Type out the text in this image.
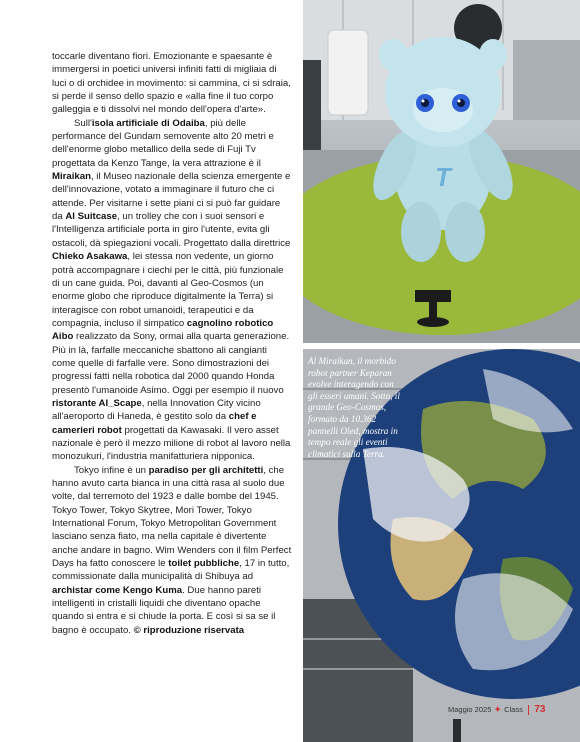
toccarle diventano fiori. Emozionante e spaesante è immergersi in poetici universi infiniti fatti di migliaia di luci o di orchidee in movimento: si cammina, ci si sdraia, si perde il senso dello spazio e «alla fine il tuo corpo galleggia e ti dissolvi nel mondo dell'opera d'arte».

Sull'isola artificiale di Odaiba, più delle performance del Gundam semovente alto 20 metri e dell'enorme globo metallico della sede di Fuji Tv progettata da Kenzo Tange, la vera attrazione è il Miraikan, il Museo nazionale della scienza emergente e dell'innovazione, votato a immaginare il futuro che ci attende. Per visitarne i sette piani ci si può far guidare da AI Suitcase, un trolley che con i suoi sensori e l'Intelligenza artificiale porta in giro l'utente, evita gli ostacoli, dà spiegazioni vocali. Progettato dalla direttrice Chieko Asakawa, lei stessa non vedente, un giorno potrà accompagnare i ciechi per le città, più funzionale di un cane guida. Poi, davanti al Geo-Cosmos (un enorme globo che riproduce digitalmente la Terra) si interagisce con robot umanoidi, terapeutici e da compagnia, incluso il simpatico cagnolino robotico Aibo realizzato da Sony, ormai alla quarta generazione. Più in là, farfalle meccaniche sbattono ali cangianti come quelle di farfalle vere. Sono dimostrazioni dei progressi fatti nella robotica dal 2000 quando Honda presentò l'umanoide Asimo. Oggi per esempio il nuovo ristorante AI_Scape, nella Innovation City vicino all'aeroporto di Haneda, è gestito solo da chef e camerieri robot progettati da Kawasaki. Il vero asset nazionale è però il mezzo milione di robot al lavoro nella monozukuri, l'industria manifatturiera nipponica.

Tokyo infine è un paradiso per gli architetti, che hanno avuto carta bianca in una città rasa al suolo due volte, dal terremoto del 1923 e dalle bombe del 1945. Tokyo Tower, Tokyo Skytree, Mori Tower, Tokyo International Forum, Tokyo Metropolitan Government lasciano senza fiato, ma nella capitale è divertente anche andare in bagno. Wim Wenders con il film Perfect Days ha fatto conoscere le toilet pubbliche, 17 in tutto, commissionate dalla municipalità di Shibuya ad archistar come Kengo Kuma. Due hanno pareti intelligenti in cristalli liquidi che diventano opache quando si entra e si chiude la porta. E così si sa se il bagno è occupato. © riproduzione riservata

T
Al Miraikan, il morbido robot partner Keparan evolve interagendo con gli esseri umani. Sotto, il grande Geo-Cosmos, formato da 10.362 pannelli Oled, mostra in tempo reale gli eventi climatici sulla Terra.
Maggio 2025 ✦ Class 73
